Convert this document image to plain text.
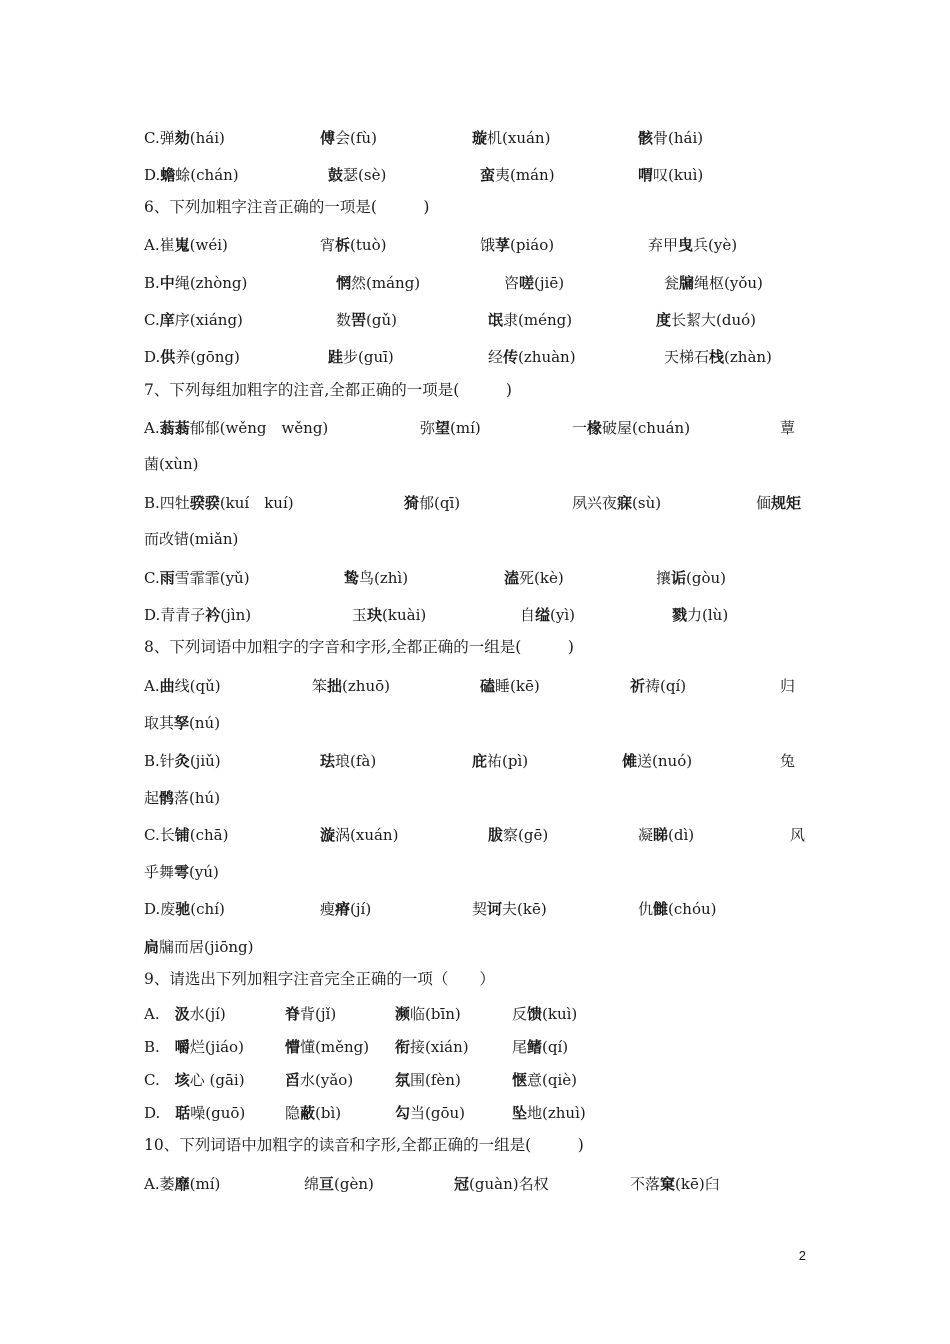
C.弹劾(hái)	傅会(fù)	璇机(xuán)	骸骨(hái)
D.蟾蜍(chán)	鼓瑟(sè)	蛮夷(mán)	喟叹(kuì)
6、下列加粗字注音正确的一项是(　　　)
A.崔嵬(wéi)	宵柝(tuò)	饿莩(piáo)	弃甲曳兵(yè)
B.中绳(zhòng)	惘然(máng)	咨嗟(jiē)	瓮牖绳枢(yǒu)
C.庠序(xiáng)	数罟(gǔ)	氓隶(méng)	度长絜大(duó)
D.供养(gōng)	跬步(guī)	经传(zhuàn)	天梯石栈(zhàn)
7、下列每组加粗字的注音,全都正确的一项是(　　　)
A.蓊蓊郁郁(wěng　wěng)	弥望(mí)	一椽破屋(chuán)	蕈
菌(xùn)
B.四牡骙骙(kuí　kuí)	猗郁(qī)	夙兴夜寐(sù)	偭规矩
而改错(miǎn)
C.雨雪霏霏(yǔ)	鸷鸟(zhì)	溘死(kè)	攘诟(gòu)
D.青青子衿(jìn)	玉玦(kuài)	自缢(yì)	戮力(lù)
8、下列词语中加粗字的字音和字形,全都正确的一组是(　　　)
A.曲线(qǔ)	笨拙(zhuō)	磕睡(kē)	祈祷(qí)	归
取其孥(nú)
B.针灸(jiǔ)	珐琅(fà)	庇祐(pì)	傩送(nuó)	兔
起鹘落(hú)
C.长铺(chā)	漩涡(xuán)	胈察(gē)	凝睇(dì)	风
乎舞雩(yú)
D.废驰(chí)	瘦瘠(jí)	契诃夫(kē)	仇雠(chóu)
扃牖而居(jiōng)
9、请选出下列加粗字注音完全正确的一项（　　）
A.　汲水(jí)	脊背(jǐ)	濒临(bīn)	反馈(kuì)
B.　嚼烂(jiáo)	懵懂(měng) 衔接(xián)	尾鳍(qí)
C.　垓心 (gāi)	舀水(yǎo)	氛围(fèn)	惬意(qiè)
D.　聒噪(guō)	隐蔽(bì)	勾当(gōu)	坠地(zhuì)
10、下列词语中加粗字的读音和字形,全都正确的一组是(　　　)
A.萎靡(mí)	绵亘(gèn)	冠(guàn)名权	不落窠(kē)臼
2
